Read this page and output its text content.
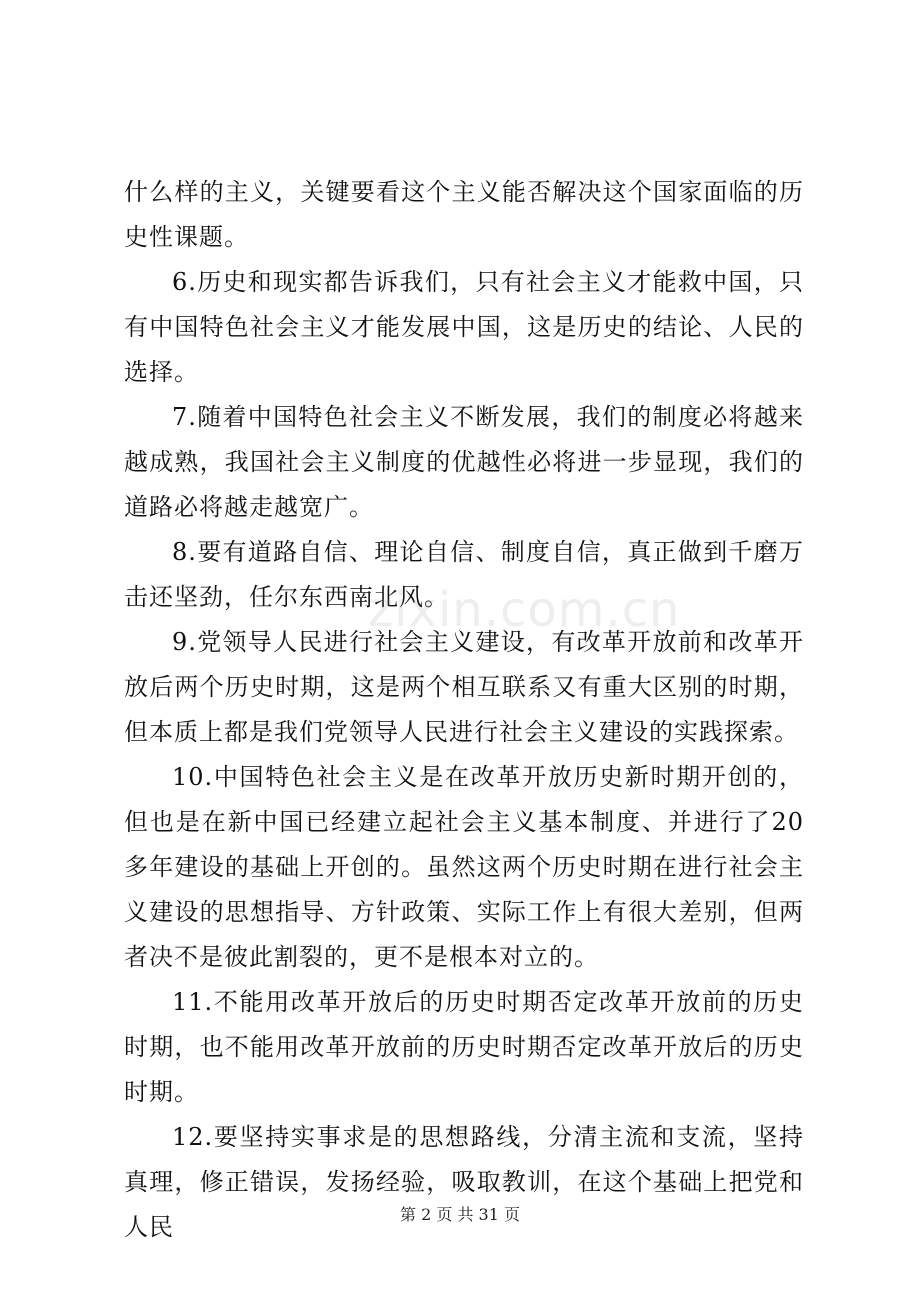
什么样的主义，关键要看这个主义能否解决这个国家面临的历史性课题。

6.历史和现实都告诉我们，只有社会主义才能救中国，只有中国特色社会主义才能发展中国，这是历史的结论、人民的选择。

7.随着中国特色社会主义不断发展，我们的制度必将越来越成熟，我国社会主义制度的优越性必将进一步显现，我们的道路必将越走越宽广。

8.要有道路自信、理论自信、制度自信，真正做到千磨万击还坚劲，任尔东西南北风。

9.党领导人民进行社会主义建设，有改革开放前和改革开放后两个历史时期，这是两个相互联系又有重大区别的时期，但本质上都是我们党领导人民进行社会主义建设的实践探索。

10.中国特色社会主义是在改革开放历史新时期开创的，但也是在新中国已经建立起社会主义基本制度、并进行了20多年建设的基础上开创的。虽然这两个历史时期在进行社会主义建设的思想指导、方针政策、实际工作上有很大差别，但两者决不是彼此割裂的，更不是根本对立的。

11.不能用改革开放后的历史时期否定改革开放前的历史时期，也不能用改革开放前的历史时期否定改革开放后的历史时期。

12.要坚持实事求是的思想路线，分清主流和支流，坚持真理，修正错误，发扬经验，吸取教训，在这个基础上把党和人民

zixin.com.cn
第 2 页 共 31 页
